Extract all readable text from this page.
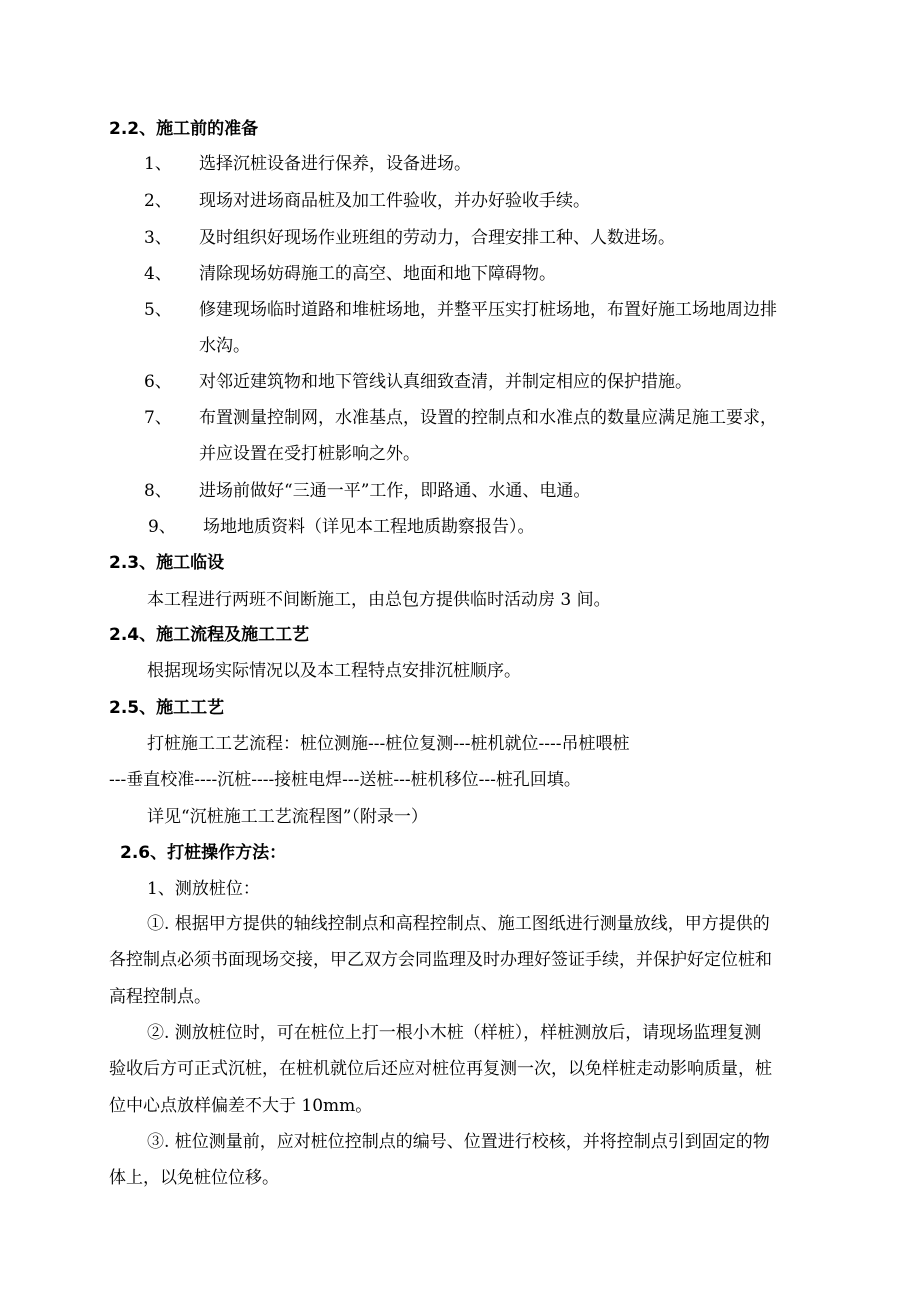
2.2、施工前的准备
1、 选择沉桩设备进行保养，设备进场。
2、 现场对进场商品桩及加工件验收，并办好验收手续。
3、 及时组织好现场作业班组的劳动力，合理安排工种、人数进场。
4、 清除现场妨碍施工的高空、地面和地下障碍物。
5、 修建现场临时道路和堆桩场地，并整平压实打桩场地，布置好施工场地周边排
水沟。
6、 对邻近建筑物和地下管线认真细致查清，并制定相应的保护措施。
7、 布置测量控制网，水准基点，设置的控制点和水准点的数量应满足施工要求，
并应设置在受打桩影响之外。
8、 进场前做好“三通一平”工作，即路通、水通、电通。
9、 场地地质资料（详见本工程地质勘察报告）。
2.3、施工临设
本工程进行两班不间断施工，由总包方提供临时活动房 3 间。
2.4、施工流程及施工工艺
根据现场实际情况以及本工程特点安排沉桩顺序。
2.5、施工工艺
打桩施工工艺流程：桩位测施---桩位复测---桩机就位----吊桩喂桩
---垂直校准----沉桩----接桩电焊---送桩---桩机移位---桩孔回填。
详见“沉桩施工工艺流程图”（附录一）
2.6、打桩操作方法：
1、测放桩位：
①. 根据甲方提供的轴线控制点和高程控制点、施工图纸进行测量放线，甲方提供的
各控制点必须书面现场交接，甲乙双方会同监理及时办理好签证手续，并保护好定位桩和
高程控制点。
②. 测放桩位时，可在桩位上打一根小木桩（样桩），样桩测放后，请现场监理复测
验收后方可正式沉桩，在桩机就位后还应对桩位再复测一次，以免样桩走动影响质量，桩
位中心点放样偏差不大于 10mm。
③. 桩位测量前，应对桩位控制点的编号、位置进行校核，并将控制点引到固定的物
体上，以免桩位位移。
